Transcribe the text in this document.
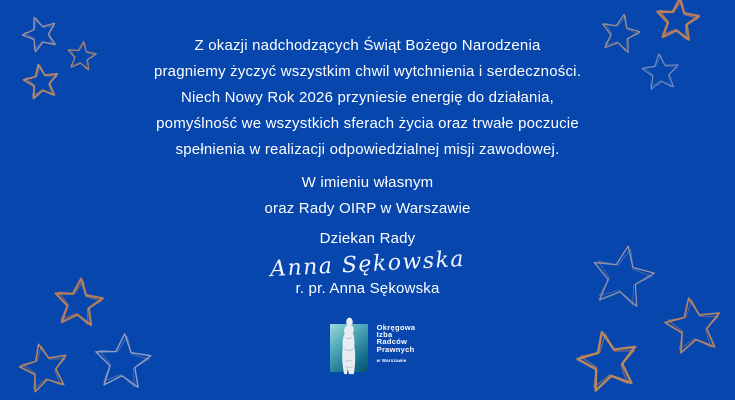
Z okazji nadchodzących Świąt Bożego Narodzenia
pragniemy życzyć wszystkim chwil wytchnienia i serdeczności.
Niech Nowy Rok 2026 przyniesie energię do działania,
pomyślność we wszystkich sferach życia oraz trwałe poczucie
spełnienia w realizacji odpowiedzialnej misji zawodowej.
W imieniu własnym
oraz Rady OIRP w Warszawie
Dziekan Rady
Anna Sękowska
r. pr. Anna Sękowska
Okręgowa
Izba
Radców
Prawnych
w Warszawie
